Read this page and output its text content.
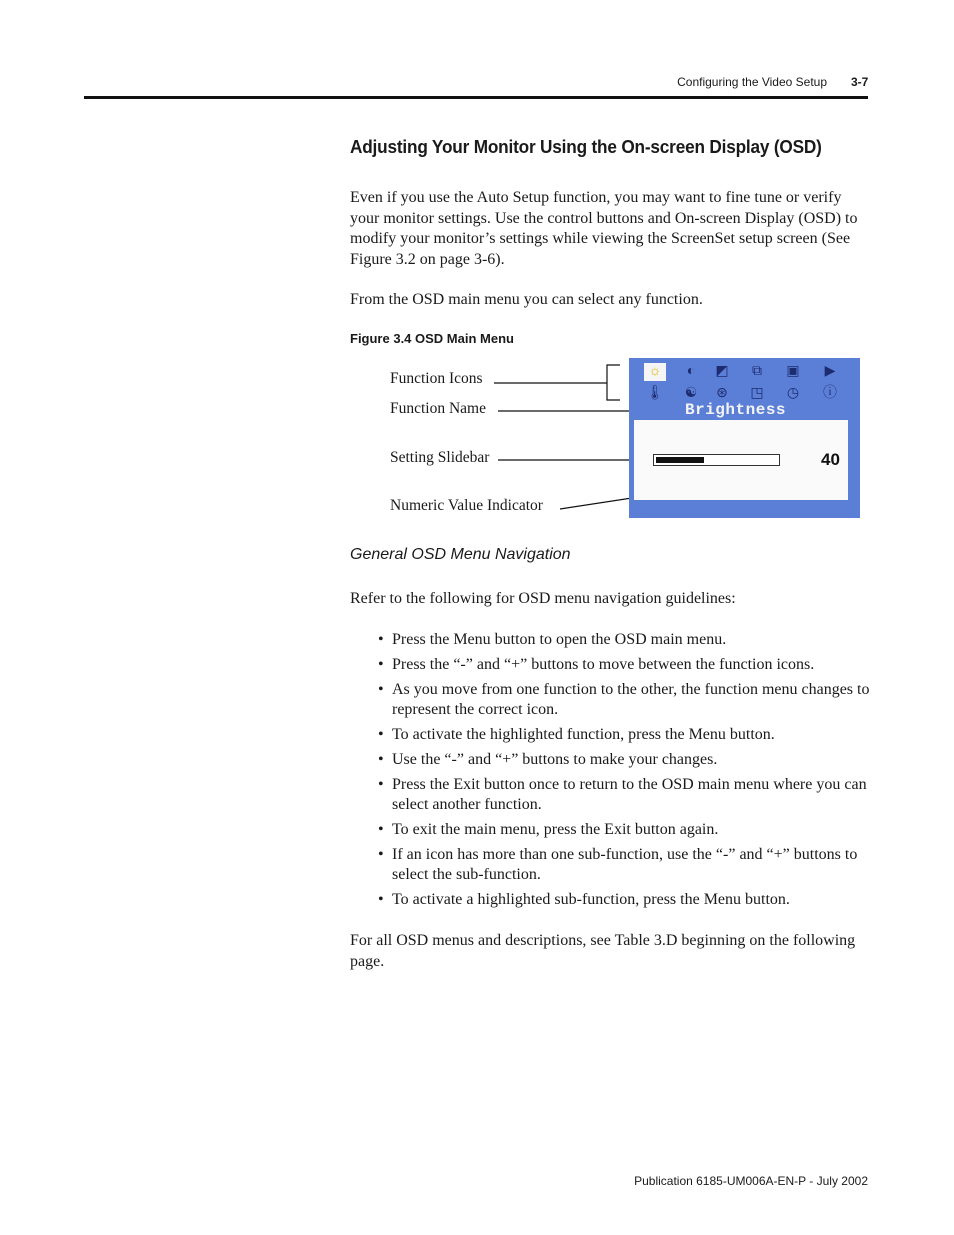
Configuring the Video Setup 3-7
Adjusting Your Monitor Using the On-screen Display (OSD)

Even if you use the Auto Setup function, you may want to fine tune or verify your monitor settings. Use the control buttons and On-screen Display (OSD) to modify your monitor’s settings while viewing the ScreenSet setup screen (See Figure 3.2 on page 3-6).

From the OSD main menu you can select any function.

Figure 3.4 OSD Main Menu
Function Icons
Function Name
Setting Slidebar
Numeric Value Indicator
☼	◐	◩	⧉	▣	▶
🌡	☯	⊛	◳	◷	ⓘ
Brightness
40
General OSD Menu Navigation

Refer to the following for OSD menu navigation guidelines:

• Press the Menu button to open the OSD main menu.
• Press the “-” and “+” buttons to move between the function icons.
• As you move from one function to the other, the function menu changes to represent the correct icon.
• To activate the highlighted function, press the Menu button.
• Use the “-” and “+” buttons to make your changes.
• Press the Exit button once to return to the OSD main menu where you can select another function.
• To exit the main menu, press the Exit button again.
• If an icon has more than one sub-function, use the “-” and “+” buttons to select the sub-function.
• To activate a highlighted sub-function, press the Menu button.

For all OSD menus and descriptions, see Table 3.D beginning on the following page.

Publication 6185-UM006A-EN-P - July 2002
